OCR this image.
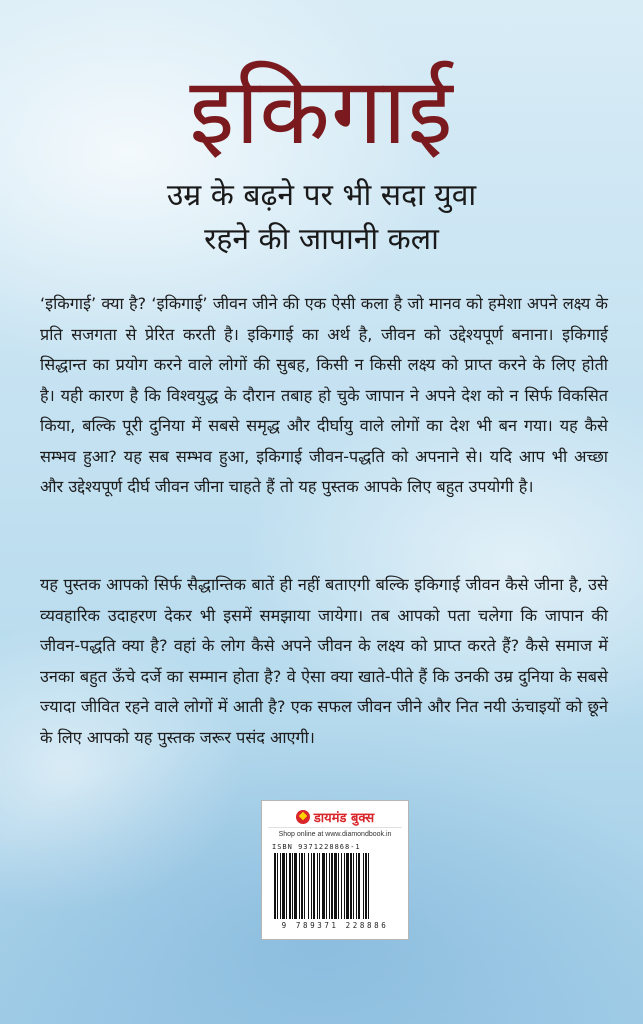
इकिगाई
उम्र के बढ़ने पर भी सदा युवा
रहने की जापानी कला

‘इकिगाई’ क्या है? ‘इकिगाई’ जीवन जीने की एक ऐसी कला है जो मानव को हमेशा अपने लक्ष्य के प्रति सजगता से प्रेरित करती है। इकिगाई का अर्थ है, जीवन को उद्देश्यपूर्ण बनाना। इकिगाई सिद्धान्त का प्रयोग करने वाले लोगों की सुबह, किसी न किसी लक्ष्य को प्राप्त करने के लिए होती है। यही कारण है कि विश्वयुद्ध के दौरान तबाह हो चुके जापान ने अपने देश को न सिर्फ विकसित किया, बल्कि पूरी दुनिया में सबसे समृद्ध और दीर्घायु वाले लोगों का देश भी बन गया। यह कैसे सम्भव हुआ? यह सब सम्भव हुआ, इकिगाई जीवन-पद्धति को अपनाने से। यदि आप भी अच्छा और उद्देश्यपूर्ण दीर्घ जीवन जीना चाहते हैं तो यह पुस्तक आपके लिए बहुत उपयोगी है।

यह पुस्तक आपको सिर्फ सैद्धान्तिक बातें ही नहीं बताएगी बल्कि इकिगाई जीवन कैसे जीना है, उसे व्यवहारिक उदाहरण देकर भी इसमें समझाया जायेगा। तब आपको पता चलेगा कि जापान की जीवन-पद्धति क्या है? वहां के लोग कैसे अपने जीवन के लक्ष्य को प्राप्त करते हैं? कैसे समाज में उनका बहुत ऊँचे दर्जे का सम्मान होता है? वे ऐसा क्या खाते-पीते हैं कि उनकी उम्र दुनिया के सबसे ज्यादा जीवित रहने वाले लोगों में आती है? एक सफल जीवन जीने और नित नयी ऊंचाइयों को छूने के लिए आपको यह पुस्तक जरूर पसंद आएगी।

डायमंड बुक्स
Shop online at www.diamondbook.in
ISBN 9371228868-1
9 789371 228886
